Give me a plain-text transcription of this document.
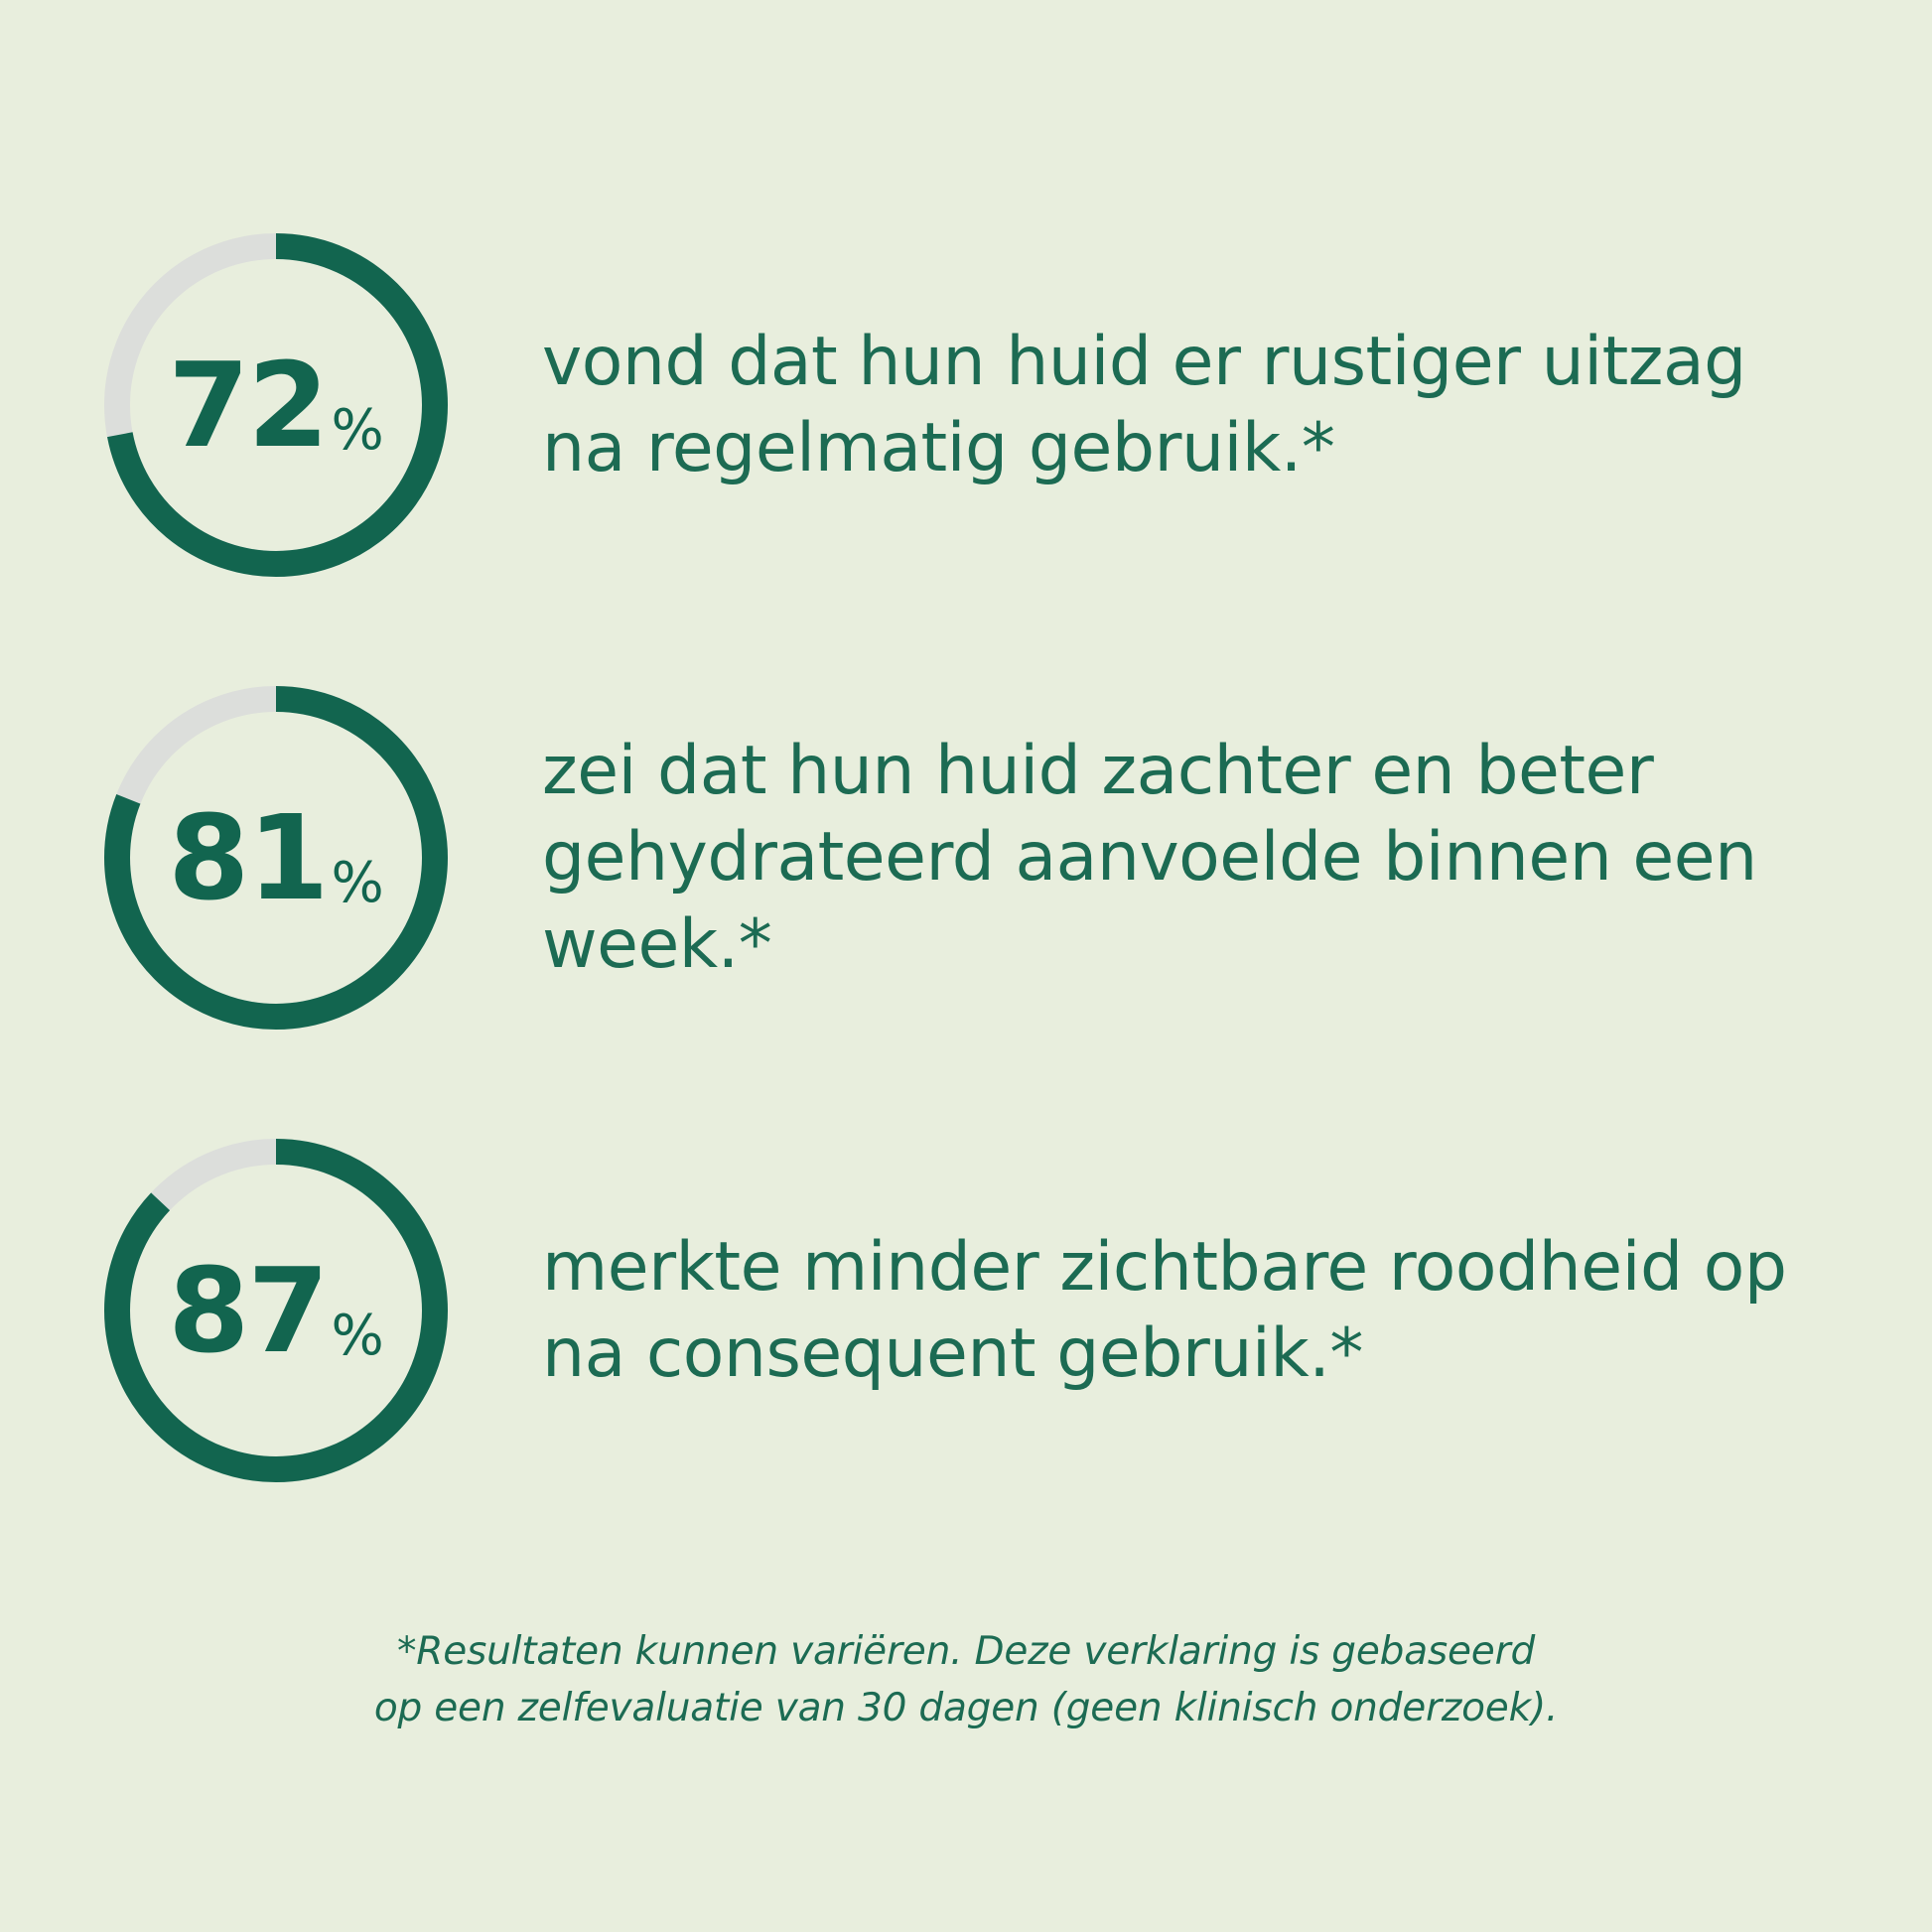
72 %
vond dat hun huid er rustiger uitzag na regelmatig gebruik.*
81 %
zei dat hun huid zachter en beter gehydrateerd aanvoelde binnen een week.*
87 %
merkte minder zichtbare roodheid op na consequent gebruik.*
*Resultaten kunnen variëren. Deze verklaring is gebaseerd
op een zelfevaluatie van 30 dagen (geen klinisch onderzoek).
